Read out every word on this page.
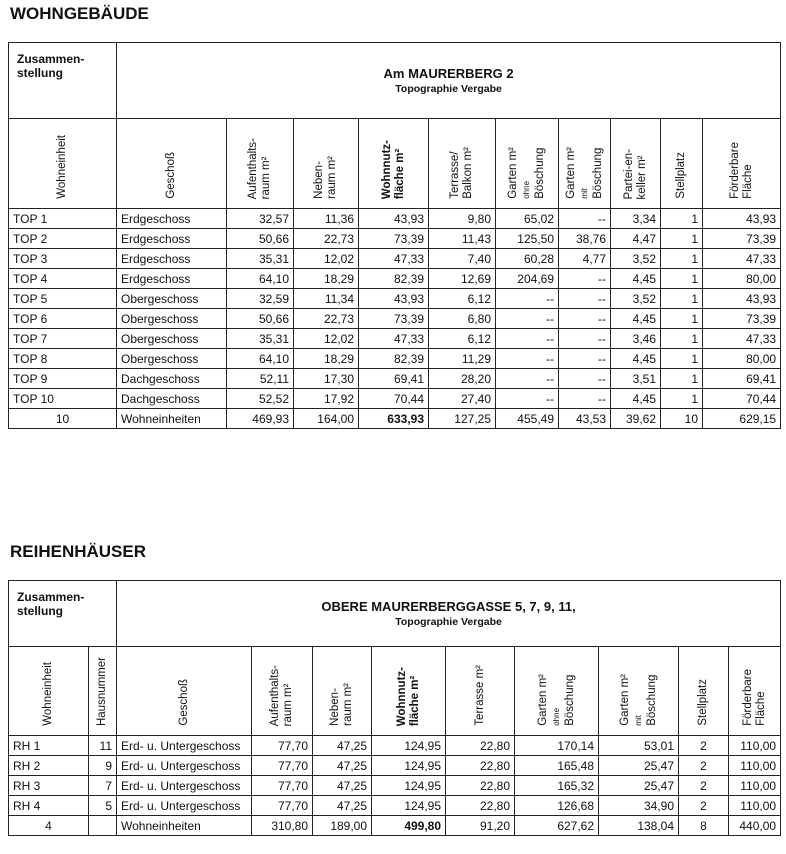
WOHNGEBÄUDE
Zusammen-
stellung	Am MAURERBERG 2
Topographie Vergabe									

Wohneinheit	Geschoß	Aufenthalts-
raum m²	Neben-
raum m²	Wohnnutz-
fläche m²	Terrasse/
Balkon m²	Garten m² ohne Böschung	Garten m² mit Böschung	Partei-en-
keller m²	Stellplatz	Förderbare
Fläche
TOP 1	Erdgeschoss	32,57	11,36	43,93	9,80	65,02	--	3,34	1	43,93
TOP 2	Erdgeschoss	50,66	22,73	73,39	11,43	125,50	38,76	4,47	1	73,39
TOP 3	Erdgeschoss	35,31	12,02	47,33	7,40	60,28	4,77	3,52	1	47,33
TOP 4	Erdgeschoss	64,10	18,29	82,39	12,69	204,69	--	4,45	1	80,00
TOP 5	Obergeschoss	32,59	11,34	43,93	6,12	--	--	3,52	1	43,93
TOP 6	Obergeschoss	50,66	22,73	73,39	6,80	--	--	4,45	1	73,39
TOP 7	Obergeschoss	35,31	12,02	47,33	6,12	--	--	3,46	1	47,33
TOP 8	Obergeschoss	64,10	18,29	82,39	11,29	--	--	4,45	1	80,00
TOP 9	Dachgeschoss	52,11	17,30	69,41	28,20	--	--	3,51	1	69,41
TOP 10	Dachgeschoss	52,52	17,92	70,44	27,40	--	--	4,45	1	70,44
10	Wohneinheiten	469,93	164,00	633,93	127,25	455,49	43,53	39,62	10	629,15
REIHENHÄUSER
Zusammen-
stellung		OBERE MAURERBERGGASSE 5, 7, 9, 11,
Topographie Vergabe								

Wohneinheit	Hausnummer	Geschoß	Aufenthalts-
raum m²	Neben-
raum m²	Wohnnutz-
fläche m²	Terrasse m²	Garten m² ohne Böschung	Garten m² mit Böschung	Stellplatz	Förderbare
Fläche
RH 1	11	Erd- u. Untergeschoss	77,70	47,25	124,95	22,80	170,14	53,01	2	110,00
RH 2	9	Erd- u. Untergeschoss	77,70	47,25	124,95	22,80	165,48	25,47	2	110,00
RH 3	7	Erd- u. Untergeschoss	77,70	47,25	124,95	22,80	165,32	25,47	2	110,00
RH 4	5	Erd- u. Untergeschoss	77,70	47,25	124,95	22,80	126,68	34,90	2	110,00
4		Wohneinheiten	310,80	189,00	499,80	91,20	627,62	138,04	8	440,00
